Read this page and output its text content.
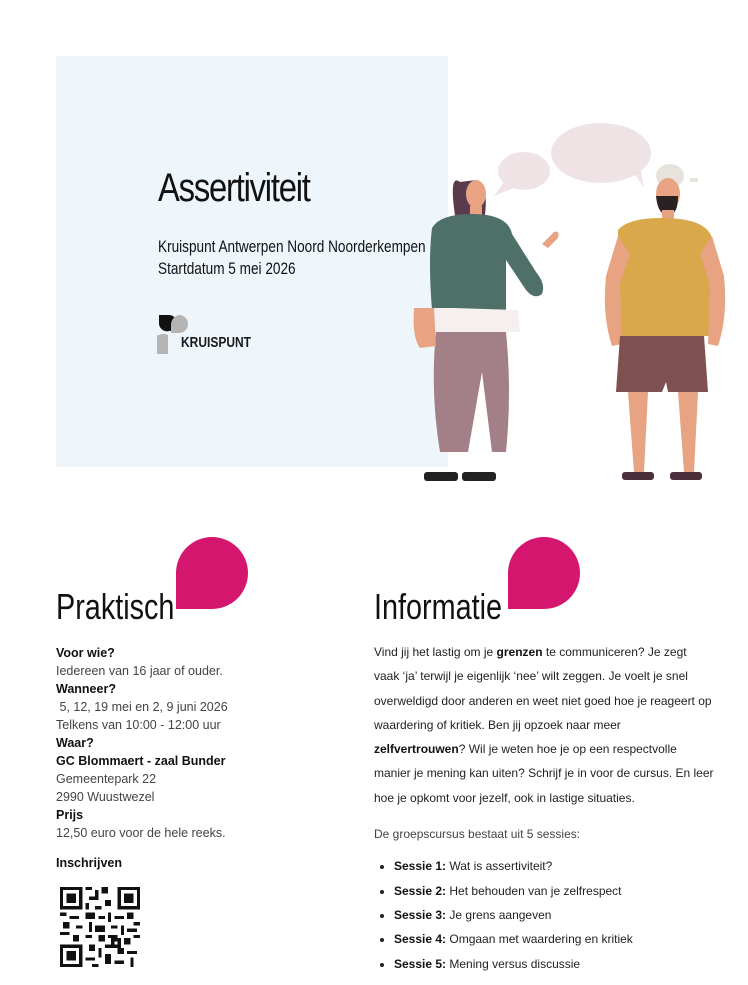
Assertiviteit
Kruispunt Antwerpen Noord Noorderkempen
Startdatum 5 mei 2026
KRUISPUNT
Praktisch
Voor wie?
Iedereen van 16 jaar of ouder.
Wanneer?
5, 12, 19 mei en 2, 9 juni 2026
Telkens van 10:00 - 12:00 uur
Waar?
GC Blommaert - zaal Bunder
Gemeentepark 22
2990 Wuustwezel
Prijs
12,50 euro voor de hele reeks.
Inschrijven
Informatie
Vind jij het lastig om je grenzen te communiceren? Je zegt vaak ‘ja’ terwijl je eigenlijk ‘nee’ wilt zeggen. Je voelt je snel overweldigd door anderen en weet niet goed hoe je reageert op waardering of kritiek. Ben jij opzoek naar meer zelfvertrouwen? Wil je weten hoe je op een respectvolle manier je mening kan uiten? Schrijf je in voor de cursus. En leer hoe je opkomt voor jezelf, ook in lastige situaties.
De groepscursus bestaat uit 5 sessies:
• Sessie 1: Wat is assertiviteit?
• Sessie 2: Het behouden van je zelfrespect
• Sessie 3: Je grens aangeven
• Sessie 4: Omgaan met waardering en kritiek
• Sessie 5: Mening versus discussie
